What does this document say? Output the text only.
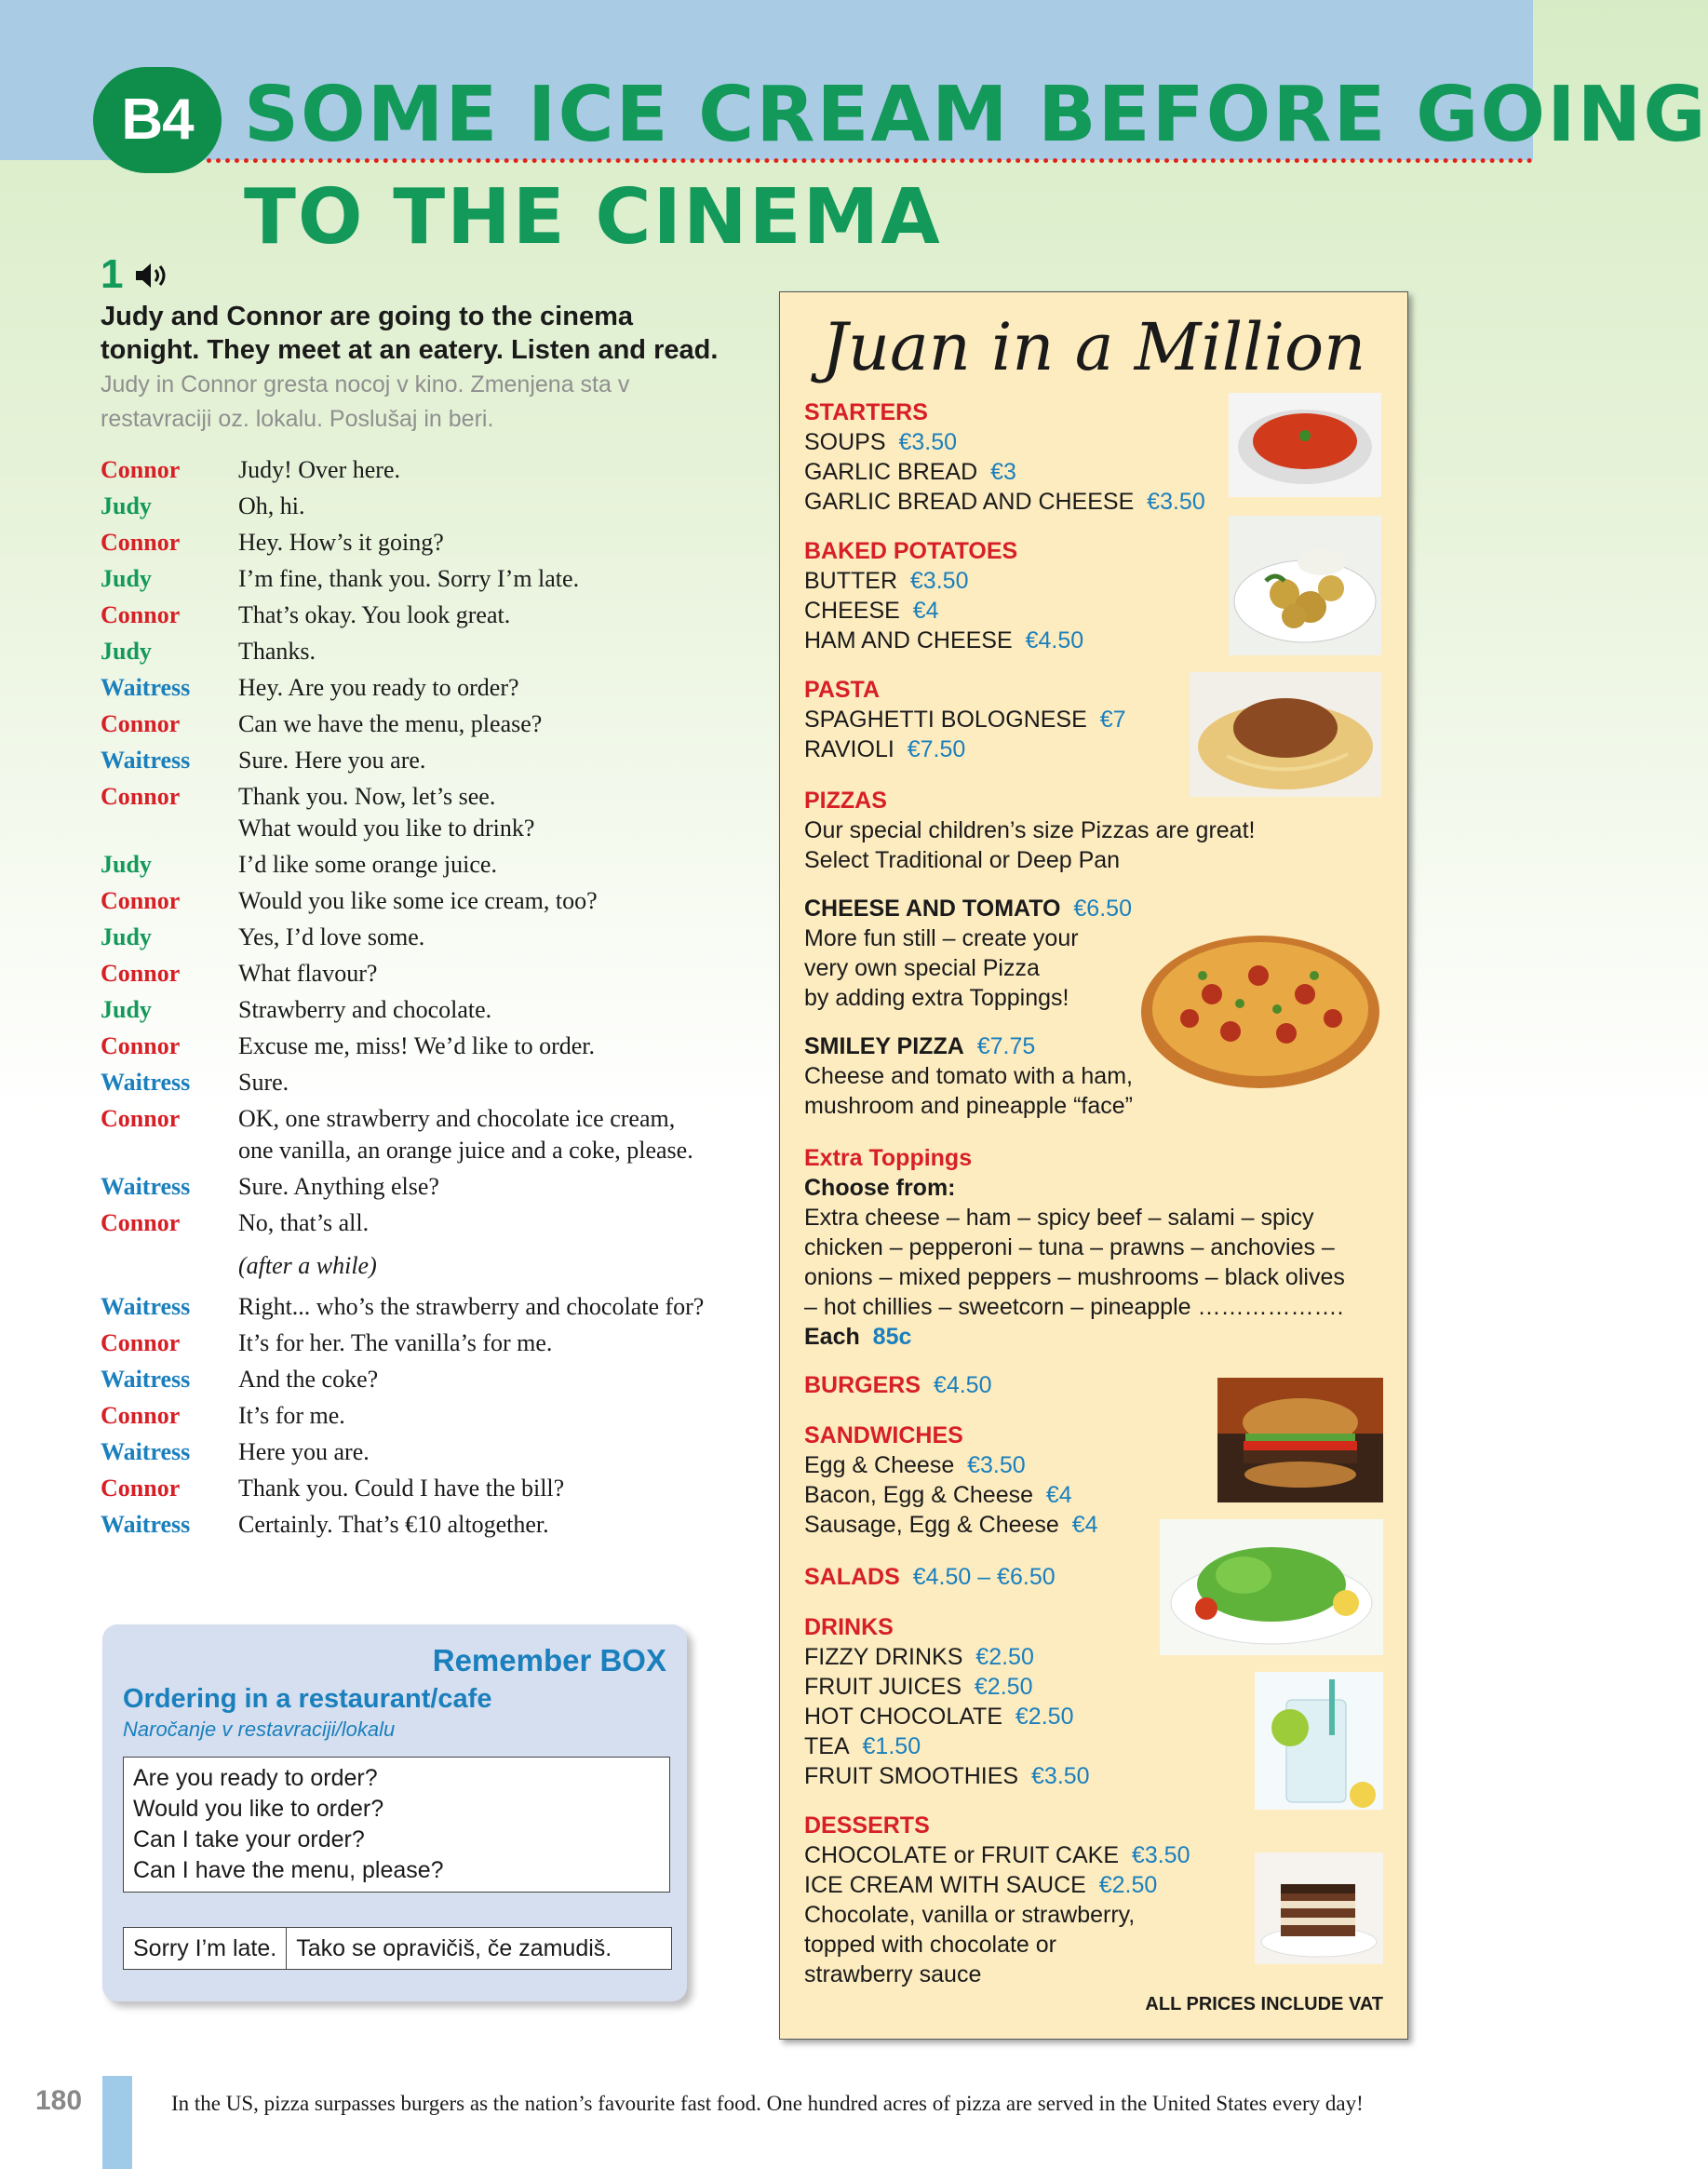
B4 SOME ICE CREAM BEFORE GOING
TO THE CINEMA
1
Judy and Connor are going to the cinema tonight. They meet at an eatery. Listen and read. Judy in Connor gresta nocoj v kino. Zmenjena sta v restavraciji oz. lokalu. Poslušaj in beri.
Connor	Judy! Over here.
Judy	Oh, hi.
Connor	Hey. How’s it going?
Judy	I’m fine, thank you. Sorry I’m late.
Connor	That’s okay. You look great.
Judy	Thanks.
Waitress	Hey. Are you ready to order?
Connor	Can we have the menu, please?
Waitress	Sure. Here you are.
Connor	Thank you. Now, let’s see.
What would you like to drink?
Judy	I’d like some orange juice.
Connor	Would you like some ice cream, too?
Judy	Yes, I’d love some.
Connor	What flavour?
Judy	Strawberry and chocolate.
Connor	Excuse me, miss! We’d like to order.
Waitress	Sure.
Connor	OK, one strawberry and chocolate ice cream,
one vanilla, an orange juice and a coke, please.
Waitress	Sure. Anything else?
Connor	No, that’s all.
(after a while)
Waitress	Right... who’s the strawberry and chocolate for?
Connor	It’s for her. The vanilla’s for me.
Waitress	And the coke?
Connor	It’s for me.
Waitress	Here you are.
Connor	Thank you. Could I have the bill?
Waitress	Certainly. That’s €10 altogether.
Remember BOX
Ordering in a restaurant/cafe
Naročanje v restavraciji/lokalu
Are you ready to order?
Would you like to order?
Can I take your order?
Can I have the menu, please?
Sorry I’m late. Tako se opravičiš, če zamudiš.
Juan in a Million
STARTERS
SOUPS €3.50
GARLIC BREAD €3
GARLIC BREAD AND CHEESE €3.50
BAKED POTATOES
BUTTER €3.50
CHEESE €4
HAM AND CHEESE €4.50
PASTA
SPAGHETTI BOLOGNESE €7
RAVIOLI €7.50
PIZZAS
Our special children’s size Pizzas are great!
Select Traditional or Deep Pan
CHEESE AND TOMATO €6.50
More fun still – create your
very own special Pizza
by adding extra Toppings!
SMILEY PIZZA €7.75
Cheese and tomato with a ham,
mushroom and pineapple “face”
Extra Toppings
Choose from:
Extra cheese – ham – spicy beef – salami – spicy
chicken – pepperoni – tuna – prawns – anchovies –
onions – mixed peppers – mushrooms – black olives
– hot chillies – sweetcorn – pineapple ……………….
Each 85c
BURGERS €4.50
SANDWICHES
Egg & Cheese €3.50
Bacon, Egg & Cheese €4
Sausage, Egg & Cheese €4
SALADS €4.50 – €6.50
DRINKS
FIZZY DRINKS €2.50
FRUIT JUICES €2.50
HOT CHOCOLATE €2.50
TEA €1.50
FRUIT SMOOTHIES €3.50
DESSERTS
CHOCOLATE or FRUIT CAKE €3.50
ICE CREAM WITH SAUCE €2.50
Chocolate, vanilla or strawberry,
topped with chocolate or
strawberry sauce
ALL PRICES INCLUDE VAT
180	In the US, pizza surpasses burgers as the nation’s favourite fast food. One hundred acres of pizza are served in the United States every day!
